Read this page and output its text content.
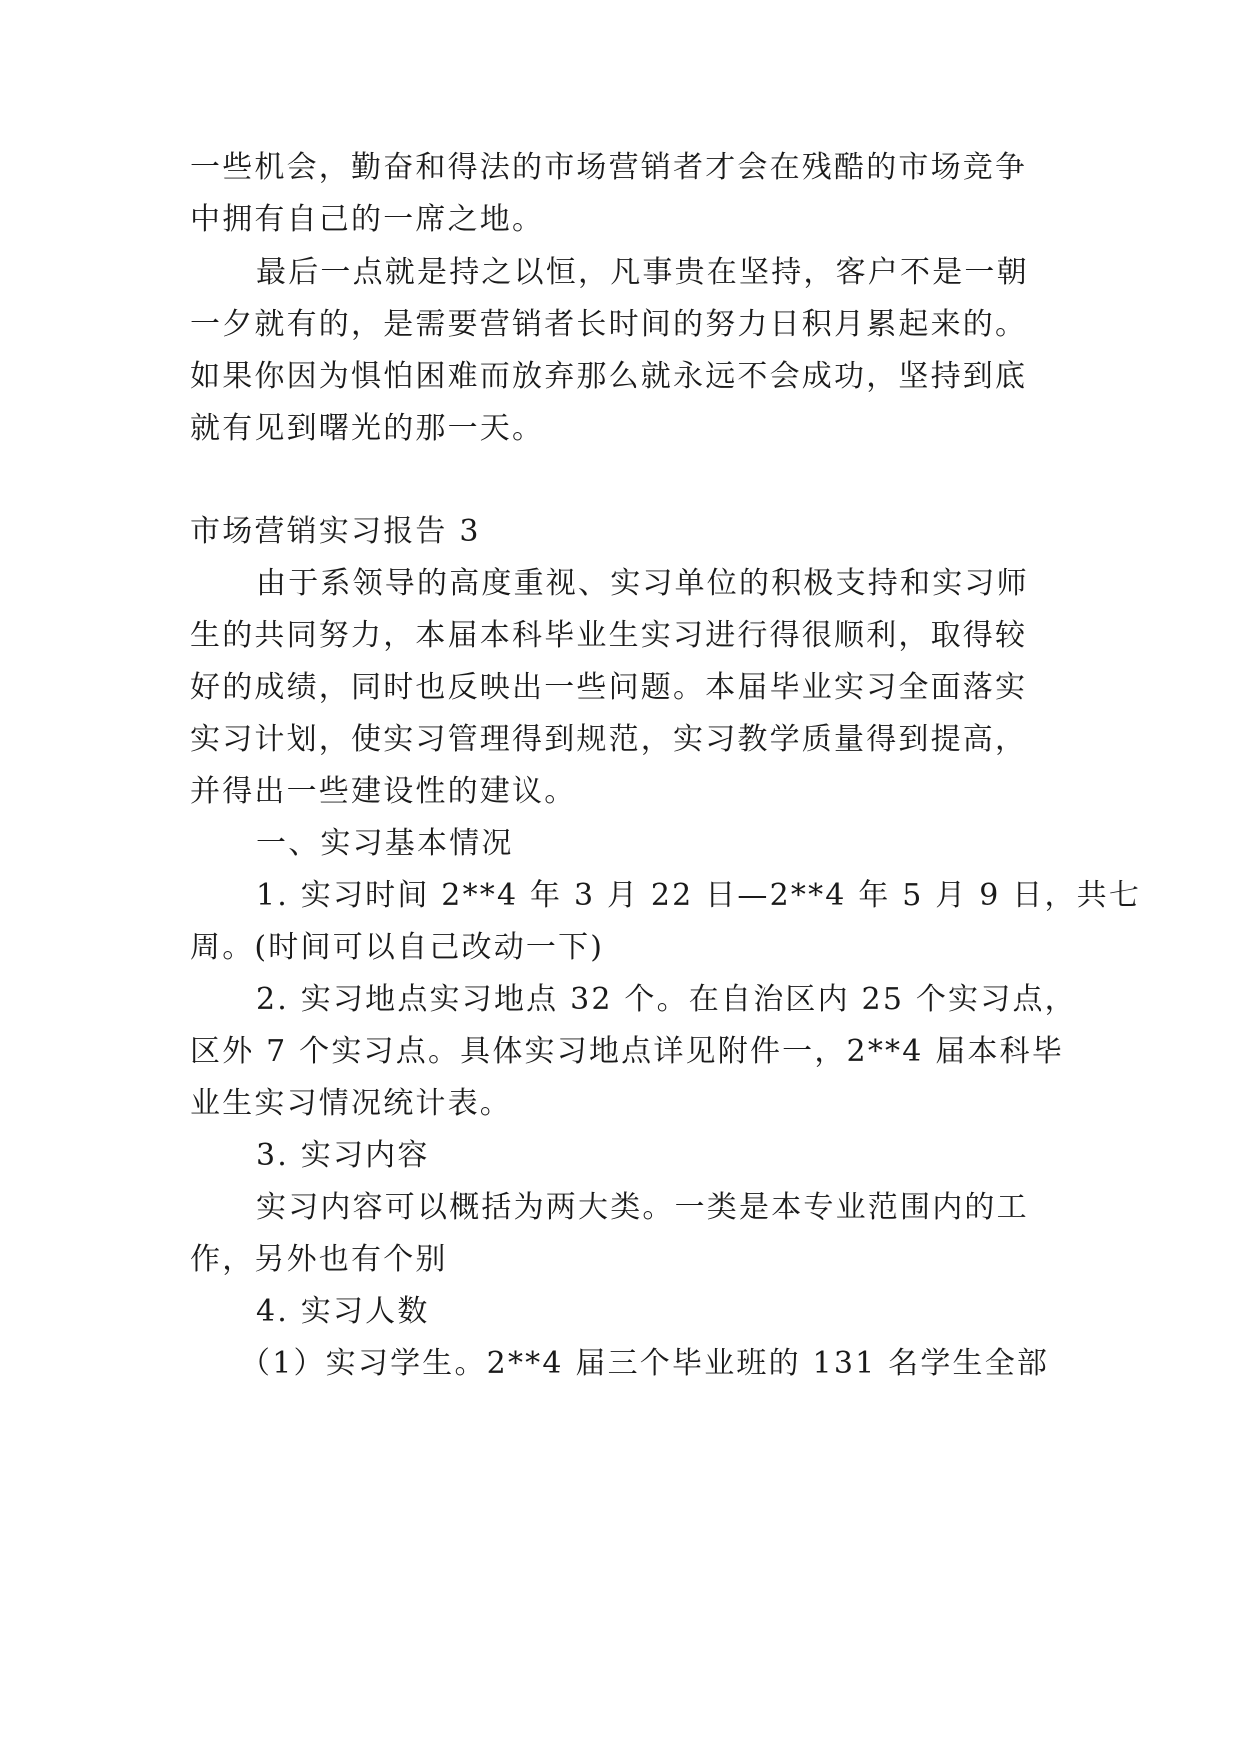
一些机会，勤奋和得法的市场营销者才会在残酷的市场竞争
中拥有自己的一席之地。
最后一点就是持之以恒，凡事贵在坚持，客户不是一朝
一夕就有的，是需要营销者长时间的努力日积月累起来的。
如果你因为惧怕困难而放弃那么就永远不会成功，坚持到底
就有见到曙光的那一天。
市场营销实习报告 3
由于系领导的高度重视、实习单位的积极支持和实习师
生的共同努力，本届本科毕业生实习进行得很顺利，取得较
好的成绩，同时也反映出一些问题。本届毕业实习全面落实
实习计划，使实习管理得到规范，实习教学质量得到提高，
并得出一些建设性的建议。
一、实习基本情况
1. 实习时间 2**4 年 3 月 22 日—2**4 年 5 月 9 日，共七
周。(时间可以自己改动一下)
2. 实习地点实习地点 32 个。在自治区内 25 个实习点，
区外 7 个实习点。具体实习地点详见附件一，2**4 届本科毕
业生实习情况统计表。
3. 实习内容
实习内容可以概括为两大类。一类是本专业范围内的工
作，另外也有个别
4. 实习人数
（1）实习学生。2**4 届三个毕业班的 131 名学生全部
